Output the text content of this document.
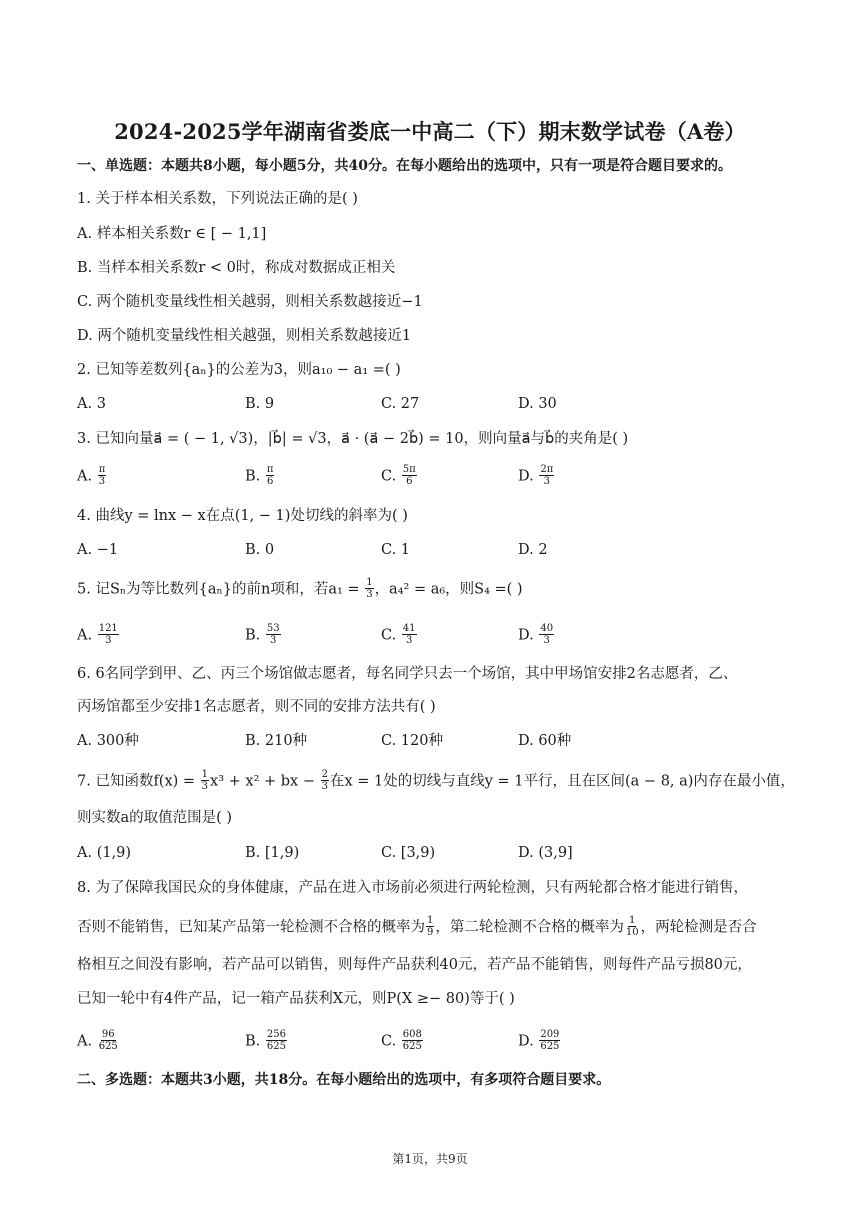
2024-2025学年湖南省娄底一中高二（下）期末数学试卷（A卷）
一、单选题：本题共8小题，每小题5分，共40分。在每小题给出的选项中，只有一项是符合题目要求的。
1. 关于样本相关系数，下列说法正确的是( )
A. 样本相关系数r ∈ [ − 1,1]
B. 当样本相关系数r < 0时，称成对数据成正相关
C. 两个随机变量线性相关越弱，则相关系数越接近−1
D. 两个随机变量线性相关越强，则相关系数越接近1
2. 已知等差数列{aₙ}的公差为3，则a₁₀ − a₁ =( )
A. 3	B. 9	C. 27	D. 30
3. 已知向量a⃗ = ( − 1, √3)，|b⃗| = √3，a⃗ · (a⃗ − 2b⃗) = 10，则向量a⃗与b⃗的夹角是( )
A. $\frac{\pi}{3}$	B. $\frac{\pi}{6}$	C. $\frac{5\pi}{6}$	D. $\frac{2\pi}{3}$
4. 曲线y = lnx − x在点(1, − 1)处切线的斜率为( )
A. −1	B. 0	C. 1	D. 2
5. 记Sₙ为等比数列{aₙ}的前n项和，若$a_1 = \frac{1}{3}$ ，a₄² = a₆，则S₄ =( )
A. $\frac{121}{3}$	B. $\frac{53}{3}$	C. $\frac{41}{3}$	D. $\frac{40}{3}$
6. 6名同学到甲、乙、丙三个场馆做志愿者，每名同学只去一个场馆，其中甲场馆安排2名志愿者，乙、
丙场馆都至少安排1名志愿者，则不同的安排方法共有( )
A. 300种	B. 210种	C. 120种	D. 60种
7. 已知函数$f(x) = \frac{1}{3} x^3 + x^2$ + bx − $\frac{2}{3}$ 在x = 1处的切线与直线y = 1平行，且在区间(a − 8, a)内存在最小值，
则实数a的取值范围是( )
A. (1,9)	B. [1,9)	C. [3,9)	D. (3,9]
8. 为了保障我国民众的身体健康，产品在进入市场前必须进行两轮检测，只有两轮都合格才能进行销售，
否则不能销售，已知某产品第一轮检测不合格的概率为 $\frac{1}{9}$ ，第二轮检测不合格的概率为 $\frac{1}{10}$ ，两轮检测是否合
格相互之间没有影响，若产品可以销售，则每件产品获利40元，若产品不能销售，则每件产品亏损80元，
已知一轮中有4件产品，记一箱产品获利X元，则P(X ≥− 80)等于( )
A. $\frac{96}{625}$	B. $\frac{256}{625}$	C. $\frac{608}{625}$	D. $\frac{209}{625}$
二、多选题：本题共3小题，共18分。在每小题给出的选项中，有多项符合题目要求。
第1页，共9页
